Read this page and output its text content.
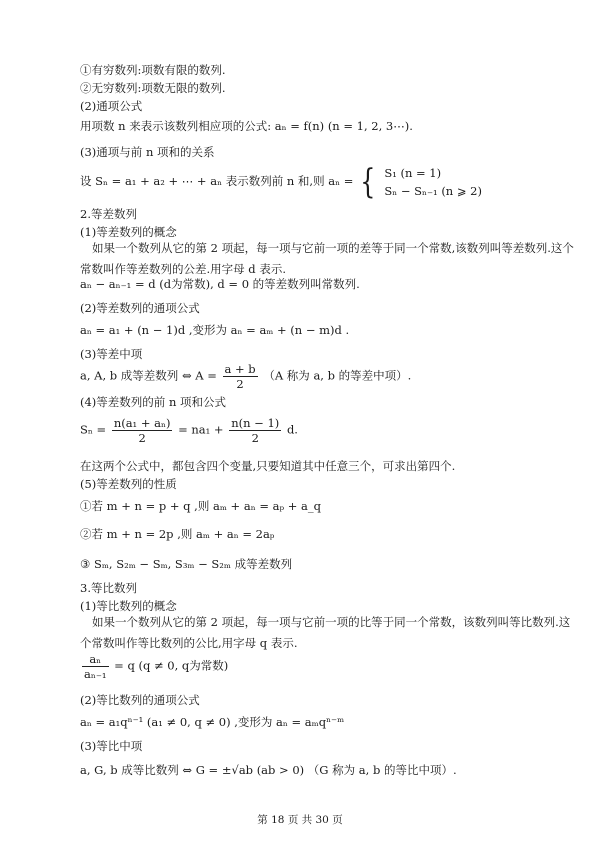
①有穷数列:项数有限的数列.
②无穷数列:项数无限的数列.
(2)通项公式
用项数 n 来表示该数列相应项的公式: aₙ = f(n) (n = 1, 2, 3⋯).
(3)通项与前 n 项和的关系
设 Sₙ = a₁ + a₂ + ⋯ + aₙ 表示数列前 n 和,则 aₙ = { S₁ (n = 1)
Sₙ − Sₙ₋₁ (n ⩾ 2)
2.等差数列
(1)等差数列的概念
如果一个数列从它的第 2 项起，每一项与它前一项的差等于同一个常数,该数列叫等差数列.这个常数叫作等差数列的公差.用字母 d 表示.
aₙ − aₙ₋₁ = d (d为常数), d = 0 的等差数列叫常数列.
(2)等差数列的通项公式
aₙ = a₁ + (n − 1)d ,变形为 aₙ = aₘ + (n − m)d .
(3)等差中项
a, A, b 成等差数列 ⇔ $A = \frac{a + b}{2} (A$ 称为 a, b 的等差中项）.
(4)等差数列的前 n 项和公式
$S_n = \frac{\text{n(a₁ + aₙ)}}{2} = na_1 + \frac{n(n - 1)}{2} d$.
在这两个公式中，都包含四个变量,只要知道其中任意三个，可求出第四个.
(5)等差数列的性质
①若 m + n = p + q ,则 aₘ + aₙ = aₚ + a_q
②若 m + n = 2p ,则 aₘ + aₙ = 2aₚ
③ Sₘ, S₂ₘ − Sₘ, S₃ₘ − S₂ₘ 成等差数列
3.等比数列
(1)等比数列的概念
如果一个数列从它的第 2 项起，每一项与它前一项的比等于同一个常数，该数列叫等比数列.这个常数叫作等比数列的公比,用字母 q 表示.
$\frac{\text{aₙ}}{\text{aₙ₋₁}} = q$ (q ≠ 0, q为常数)
(2)等比数列的通项公式
aₙ = a₁qⁿ⁻¹ (a₁ ≠ 0, q ≠ 0) ,变形为 aₙ = aₘqⁿ⁻ᵐ
(3)等比中项
a, G, b 成等比数列 ⇔ G = ±√ab (ab > 0) （G 称为 a, b 的等比中项）.
第 18 页 共 30 页
